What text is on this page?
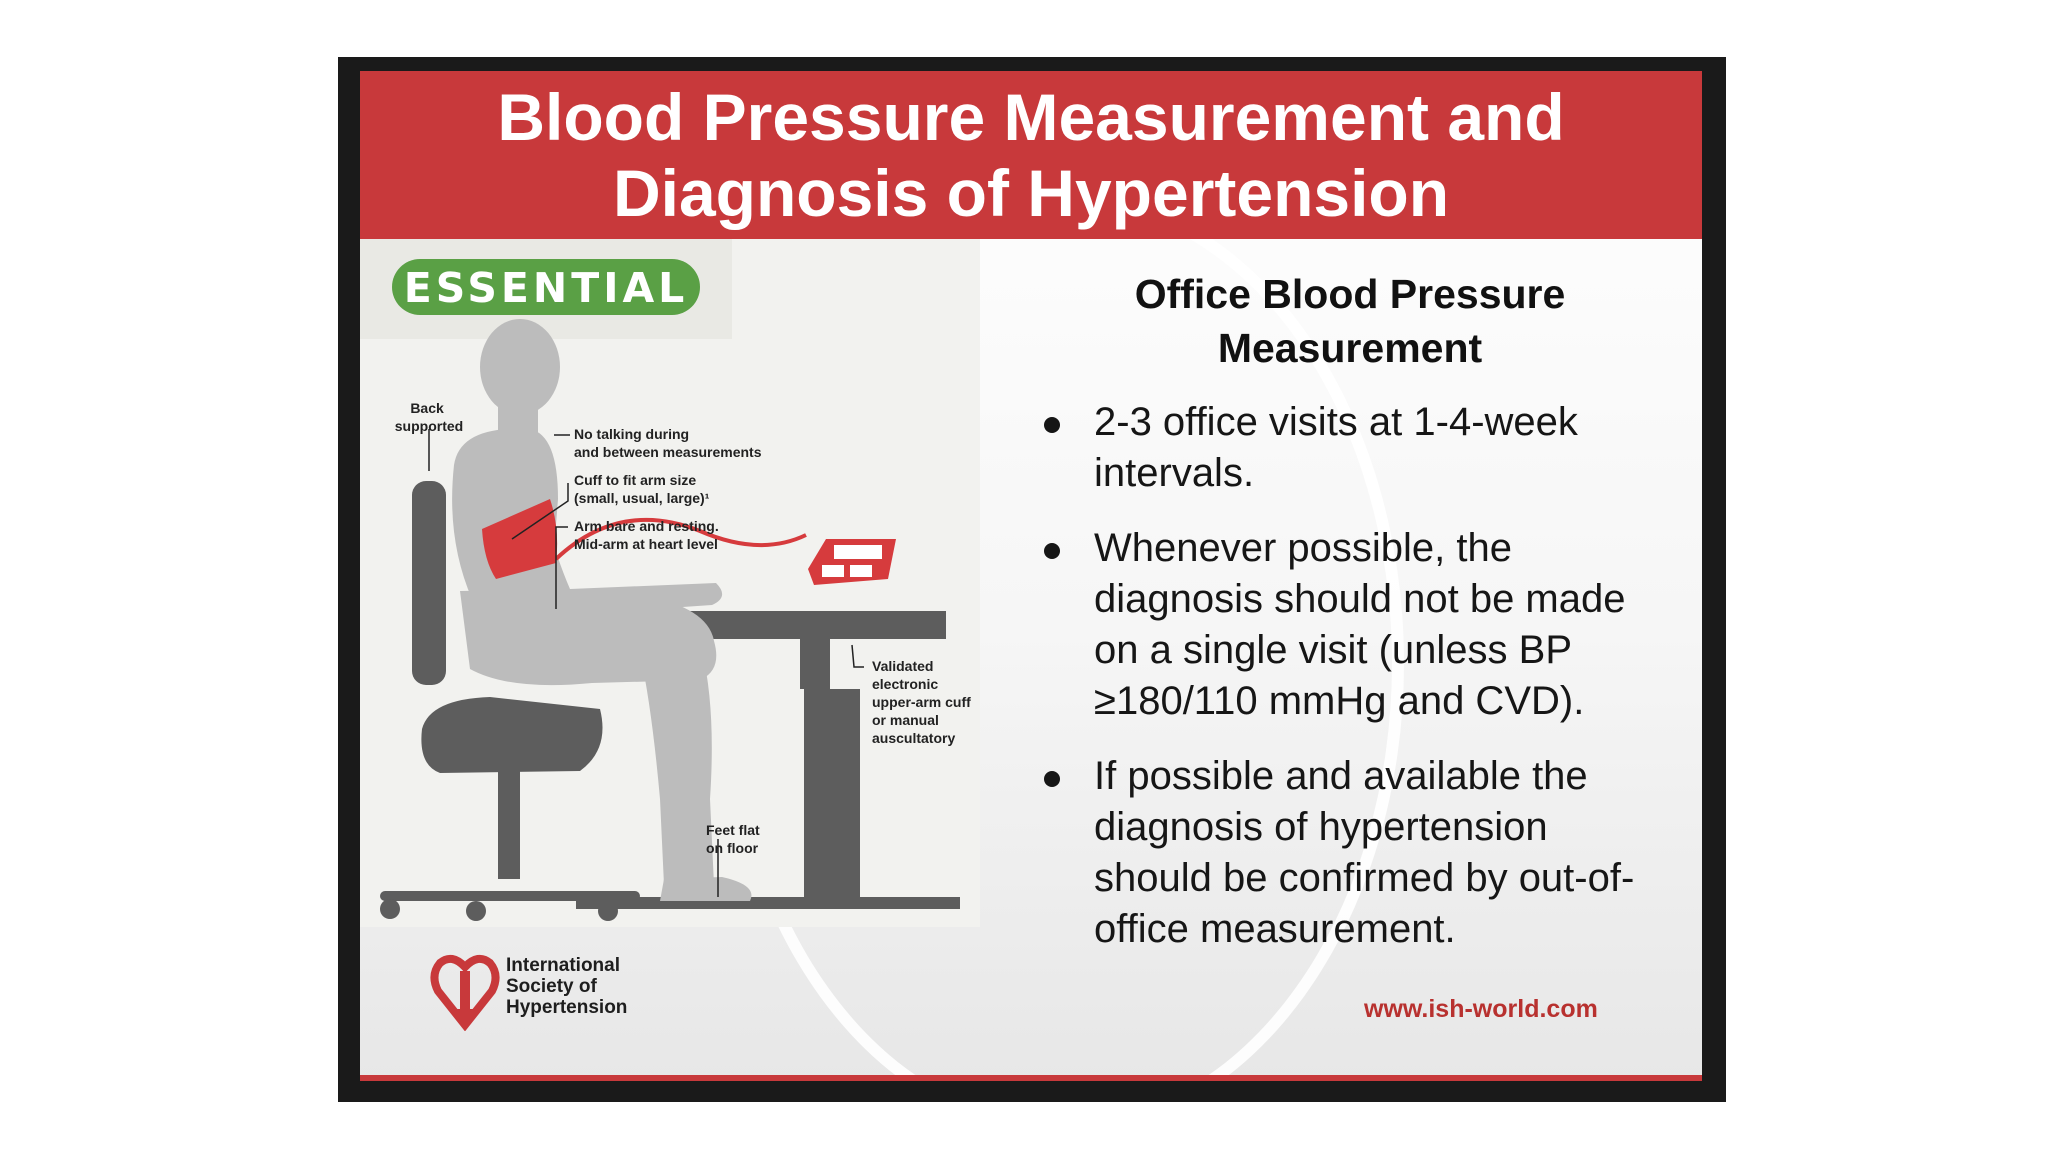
Blood Pressure Measurement and
Diagnosis of Hypertension
ESSENTIAL
Back supported	No talking during and between measurements
Cuff to fit arm size (small, usual, large)¹
Arm bare and resting. Mid-arm at heart level
Validated electronic upper-arm cuff or manual auscultatory
Feet flat on floor
International
Society of
Hypertension
Office Blood Pressure
Measurement
2-3 office visits at 1-4-week intervals.
Whenever possible, the diagnosis should not be made on a single visit (unless BP ≥180/110 mmHg and CVD).
If possible and available the diagnosis of hypertension should be confirmed by out-of-office measurement.
www.ish-world.com
